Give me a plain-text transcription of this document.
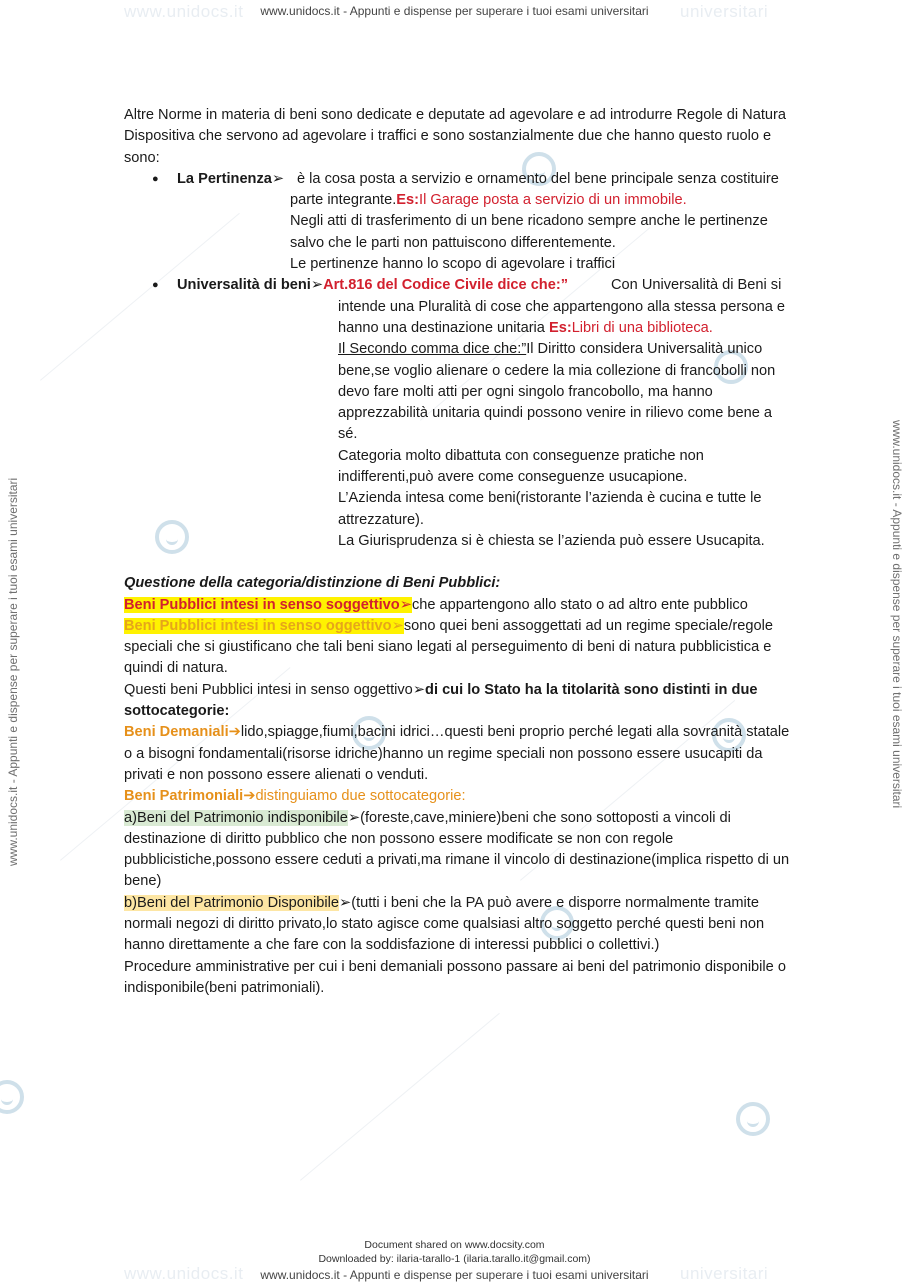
www.unidocs.it	universitari
www.unidocs.it	universitari
www.unidocs.it - Appunti e dispense per superare i tuoi esami universitari
www.unidocs.it - Appunti e dispense per superare i tuoi esami universitari
www.unidocs.it - Appunti e dispense per superare i tuoi esami universitari	www.unidocs.it - Appunti e dispense per superare i tuoi esami universitari

Altre Norme in materia di beni sono dedicate e deputate ad agevolare e ad introdurre Regole di Natura Dispositiva che servono ad agevolare i traffici e sono sostanzialmente due che hanno questo ruolo e sono:

● La Pertinenza➢ è la cosa posta a servizio e ornamento del bene principale senza costituire parte integrante.Es:Il Garage posta a servizio di un immobile.

Negli atti di trasferimento di un bene ricadono sempre anche le pertinenze salvo che le parti non pattuiscono differentemente.

Le pertinenze hanno lo scopo di agevolare i traffici

● Universalità di beni➢Art.816 del Codice Civile dice che:”	Con Universalità di Beni si intende una Pluralità di cose che appartengono alla stessa persona e hanno una destinazione unitaria Es:Libri di una biblioteca.

Il Secondo comma dice che:”Il Diritto considera Universalità unico bene,se voglio alienare o cedere la mia collezione di francobolli non devo fare molti atti per ogni singolo francobollo, ma hanno apprezzabilità unitaria quindi possono venire in rilievo come bene a sé.

Categoria molto dibattuta con conseguenze pratiche non indifferenti,può avere come conseguenze usucapione.

L’Azienda intesa come beni(ristorante l’azienda è cucina e tutte le attrezzature).

La Giurisprudenza si è chiesta se l’azienda può essere Usucapita.

Questione della categoria/distinzione di Beni Pubblici:

Beni Pubblici intesi in senso soggettivo➢che appartengono allo stato o ad altro ente pubblico

Beni Pubblici intesi in senso oggettivo➢sono quei beni assoggettati ad un regime speciale/regole speciali che si giustificano che tali beni siano legati al perseguimento di beni di natura pubblicistica e quindi di natura.

Questi beni Pubblici intesi in senso oggettivo➢di cui lo Stato ha la titolarità sono distinti in due sottocategorie:

Beni Demaniali➔lido,spiagge,fiumi,bacini idrici…questi beni proprio perché legati alla sovranità statale o a bisogni fondamentali(risorse idriche)hanno un regime speciali non possono essere usucapiti da privati e non possono essere alienati o venduti.

Beni Patrimoniali➔distinguiamo due sottocategorie:

a)Beni del Patrimonio indisponibile➢(foreste,cave,miniere)beni che sono sottoposti a vincoli di destinazione di diritto pubblico che non possono essere modificate se non con regole pubblicistiche,possono essere ceduti a privati,ma rimane il vincolo di destinazione(implica rispetto di un bene)

b)Beni del Patrimonio Disponibile➢(tutti i beni che la PA può avere e disporre normalmente tramite normali negozi di diritto privato,lo stato agisce come qualsiasi altro soggetto perché questi beni non hanno direttamente a che fare con la soddisfazione di interessi pubblici o collettivi.)

Procedure amministrative per cui i beni demaniali possono passare ai beni del patrimonio disponibile o indisponibile(beni patrimoniali).

Document shared on www.docsity.com
Downloaded by: ilaria-tarallo-1 (ilaria.tarallo.it@gmail.com)
